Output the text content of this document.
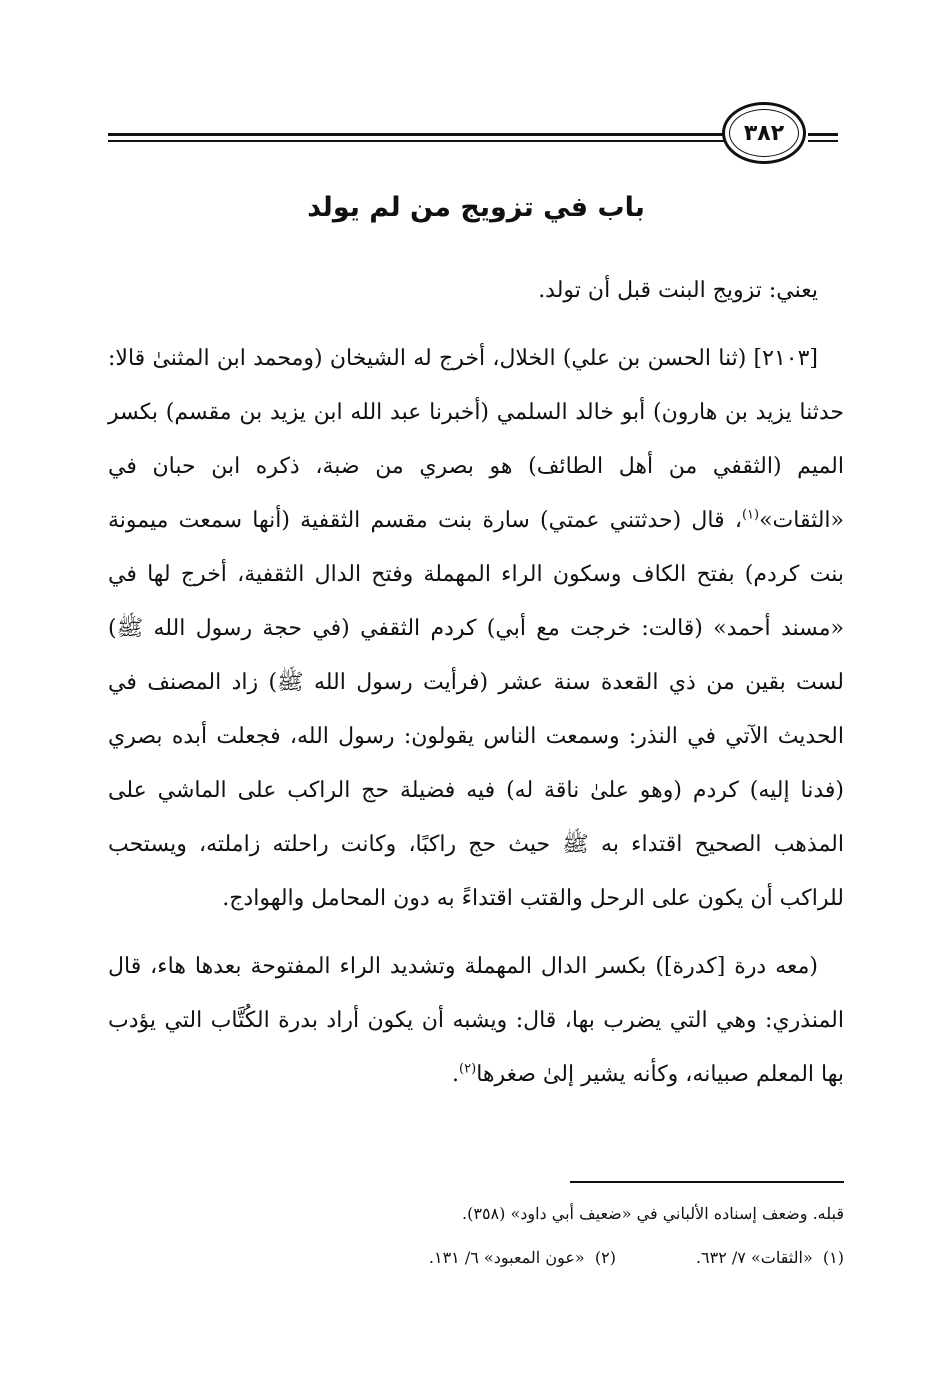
٣٨٢
باب في تزويج من لم يولد

يعني: تزويج البنت قبل أن تولد.

[٢١٠٣] (ثنا الحسن بن علي) الخلال، أخرج له الشيخان (ومحمد ابن المثنىٰ قالا: حدثنا يزيد بن هارون) أبو خالد السلمي (أخبرنا عبد الله ابن يزيد بن مقسم) بكسر الميم (الثقفي من أهل الطائف) هو بصري من ضبة، ذكره ابن حبان في «الثقات»$^{(١)}$، قال (حدثتني عمتي) سارة بنت مقسم الثقفية (أنها سمعت ميمونة بنت كردم) بفتح الكاف وسكون الراء المهملة وفتح الدال الثقفية، أخرج لها في «مسند أحمد» (قالت: خرجت مع أبي) كردم الثقفي (في حجة رسول الله ﷺ) لست بقين من ذي القعدة سنة عشر (فرأيت رسول الله ﷺ) زاد المصنف في الحديث الآتي في النذر: وسمعت الناس يقولون: رسول الله، فجعلت أبده بصري (فدنا إليه) كردم (وهو علىٰ ناقة له) فيه فضيلة حج الراكب على الماشي على المذهب الصحيح اقتداء به ﷺ حيث حج راكبًا، وكانت راحلته زاملته، ويستحب للراكب أن يكون على الرحل والقتب اقتداءً به دون المحامل والهوادج.

(معه درة [كدرة]) بكسر الدال المهملة وتشديد الراء المفتوحة بعدها هاء، قال المنذري: وهي التي يضرب بها، قال: ويشبه أن يكون أراد بدرة الكُتَّاب التي يؤدب بها المعلم صبيانه، وكأنه يشير إلىٰ صغرها$^{(٢)}$.

قبله. وضعف إسناده الألباني في «ضعيف أبي داود» (٣٥٨).
(١)  «الثقات» ٧/ ٦٣٢.
(٢)  «عون المعبود» ٦/ ١٣١.
